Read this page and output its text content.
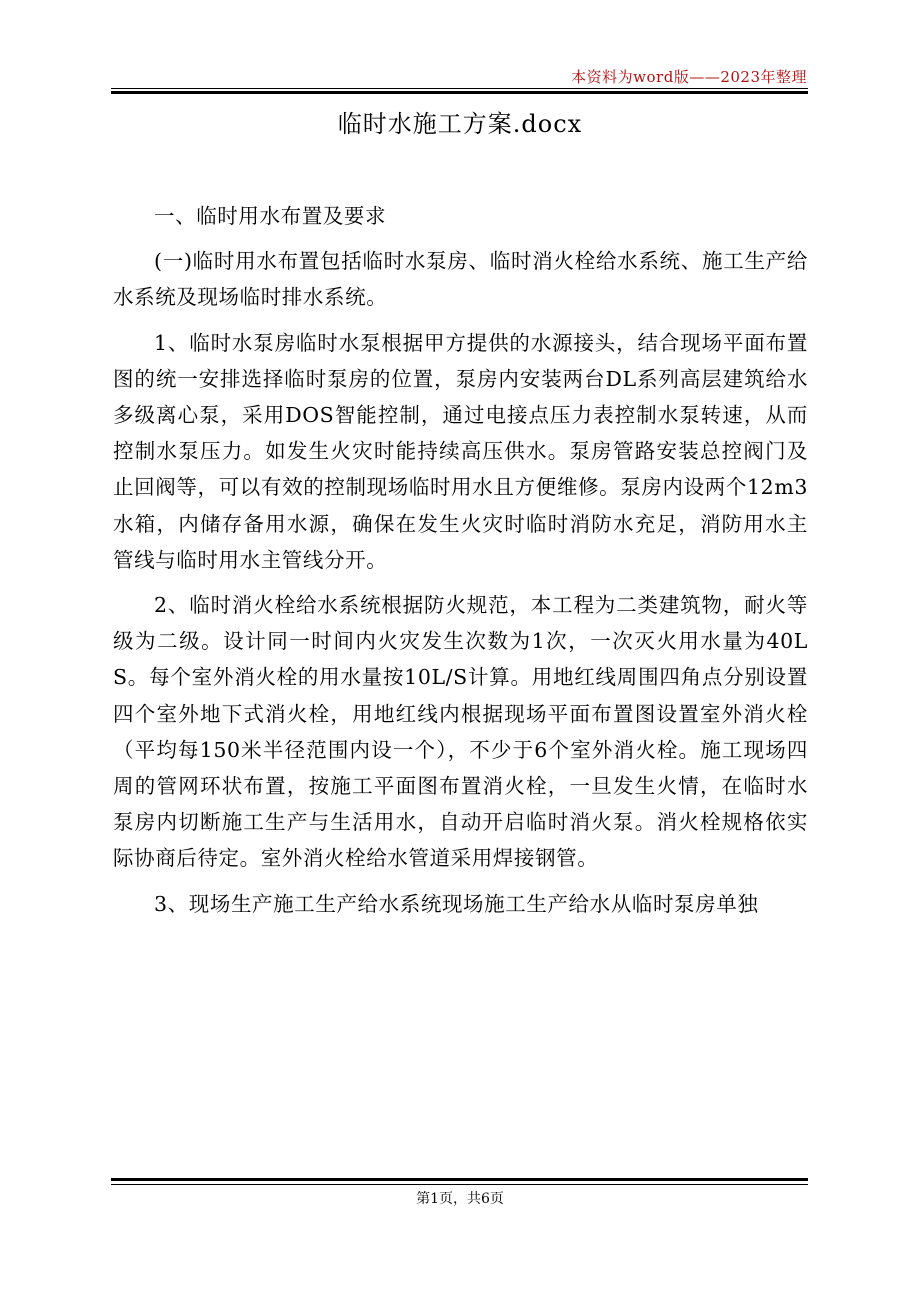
本资料为word版——2023年整理
临时水施工方案.docx

一、临时用水布置及要求

(一)临时用水布置包括临时水泵房、临时消火栓给水系统、施工生产给水系统及现场临时排水系统。

1、临时水泵房临时水泵根据甲方提供的水源接头，结合现场平面布置图的统一安排选择临时泵房的位置，泵房内安装两台DL系列高层建筑给水多级离心泵，采用DOS智能控制，通过电接点压力表控制水泵转速，从而控制水泵压力。如发生火灾时能持续高压供水。泵房管路安装总控阀门及止回阀等，可以有效的控制现场临时用水且方便维修。泵房内设两个12m3水箱，内储存备用水源，确保在发生火灾时临时消防水充足，消防用水主管线与临时用水主管线分开。

2、临时消火栓给水系统根据防火规范，本工程为二类建筑物，耐火等级为二级。设计同一时间内火灾发生次数为1次，一次灭火用水量为40LS。每个室外消火栓的用水量按10L/S计算。用地红线周围四角点分别设置四个室外地下式消火栓，用地红线内根据现场平面布置图设置室外消火栓（平均每150米半径范围内设一个），不少于6个室外消火栓。施工现场四周的管网环状布置，按施工平面图布置消火栓，一旦发生火情，在临时水泵房内切断施工生产与生活用水，自动开启临时消火泵。消火栓规格依实际协商后待定。室外消火栓给水管道采用焊接钢管。

3、现场生产施工生产给水系统现场施工生产给水从临时泵房单独

第1页，共6页
